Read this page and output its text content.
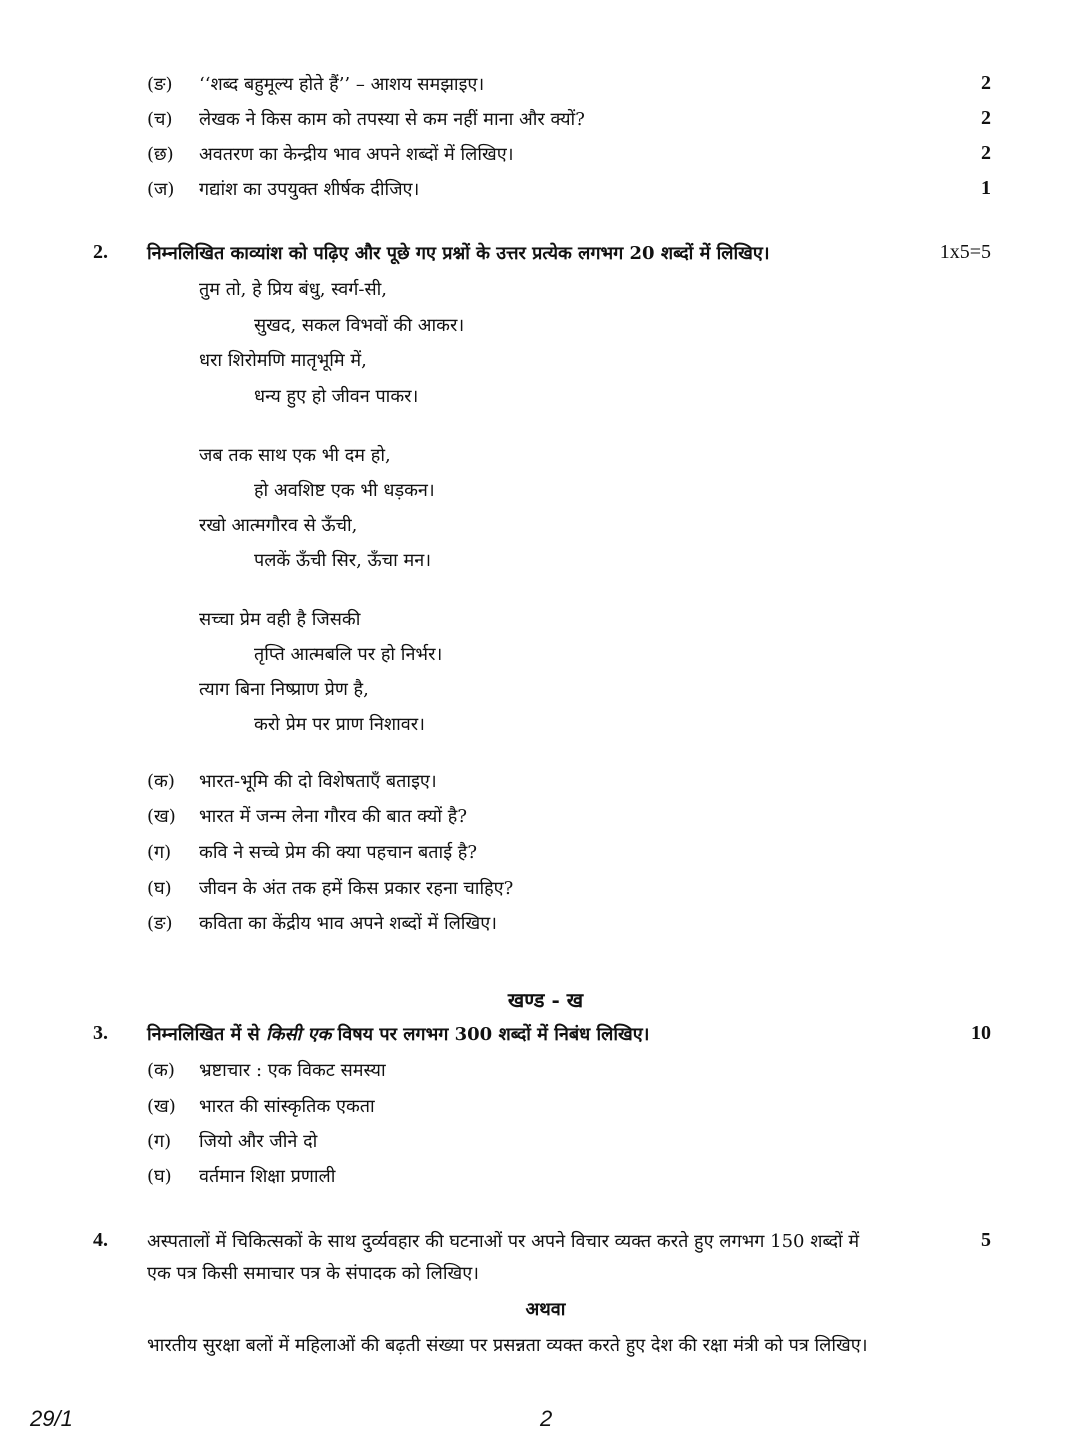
(ङ) ‘‘शब्द बहुमूल्य होते हैं’’ – आशय समझाइए।	2
(च) लेखक ने किस काम को तपस्या से कम नहीं माना और क्यों?	2
(छ) अवतरण का केन्द्रीय भाव अपने शब्दों में लिखिए।	2
(ज) गद्यांश का उपयुक्त शीर्षक दीजिए।	1
2. निम्नलिखित काव्यांश को पढ़िए और पूछे गए प्रश्नों के उत्तर प्रत्येक लगभग 20 शब्दों में लिखिए।	1x5=5
तुम तो, हे प्रिय बंधु, स्वर्ग-सी,
सुखद, सकल विभवों की आकर।
धरा शिरोमणि मातृभूमि में,
धन्य हुए हो जीवन पाकर।
जब तक साथ एक भी दम हो,
हो अवशिष्ट एक भी धड़कन।
रखो आत्मगौरव से ऊँची,
पलकें ऊँची सिर, ऊँचा मन।
सच्चा प्रेम वही है जिसकी
तृप्ति आत्मबलि पर हो निर्भर।
त्याग बिना निष्प्राण प्रेण है,
करो प्रेम पर प्राण निशावर।
(क) भारत-भूमि की दो विशेषताएँ बताइए।
(ख) भारत में जन्म लेना गौरव की बात क्यों है?
(ग) कवि ने सच्चे प्रेम की क्या पहचान बताई है?
(घ) जीवन के अंत तक हमें किस प्रकार रहना चाहिए?
(ङ) कविता का केंद्रीय भाव अपने शब्दों में लिखिए।
खण्ड - ख
3. निम्नलिखित में से किसी एक विषय पर लगभग 300 शब्दों में निबंध लिखिए।	10
(क) भ्रष्टाचार : एक विकट समस्या
(ख) भारत की सांस्कृतिक एकता
(ग) जियो और जीने दो
(घ) वर्तमान शिक्षा प्रणाली
4. अस्पतालों में चिकित्सकों के साथ दुर्व्यवहार की घटनाओं पर अपने विचार व्यक्त करते हुए लगभग 150 शब्दों में	5
एक पत्र किसी समाचार पत्र के संपादक को लिखिए।
अथवा
भारतीय सुरक्षा बलों में महिलाओं की बढ़ती संख्या पर प्रसन्नता व्यक्त करते हुए देश की रक्षा मंत्री को पत्र लिखिए।
29/1	2
